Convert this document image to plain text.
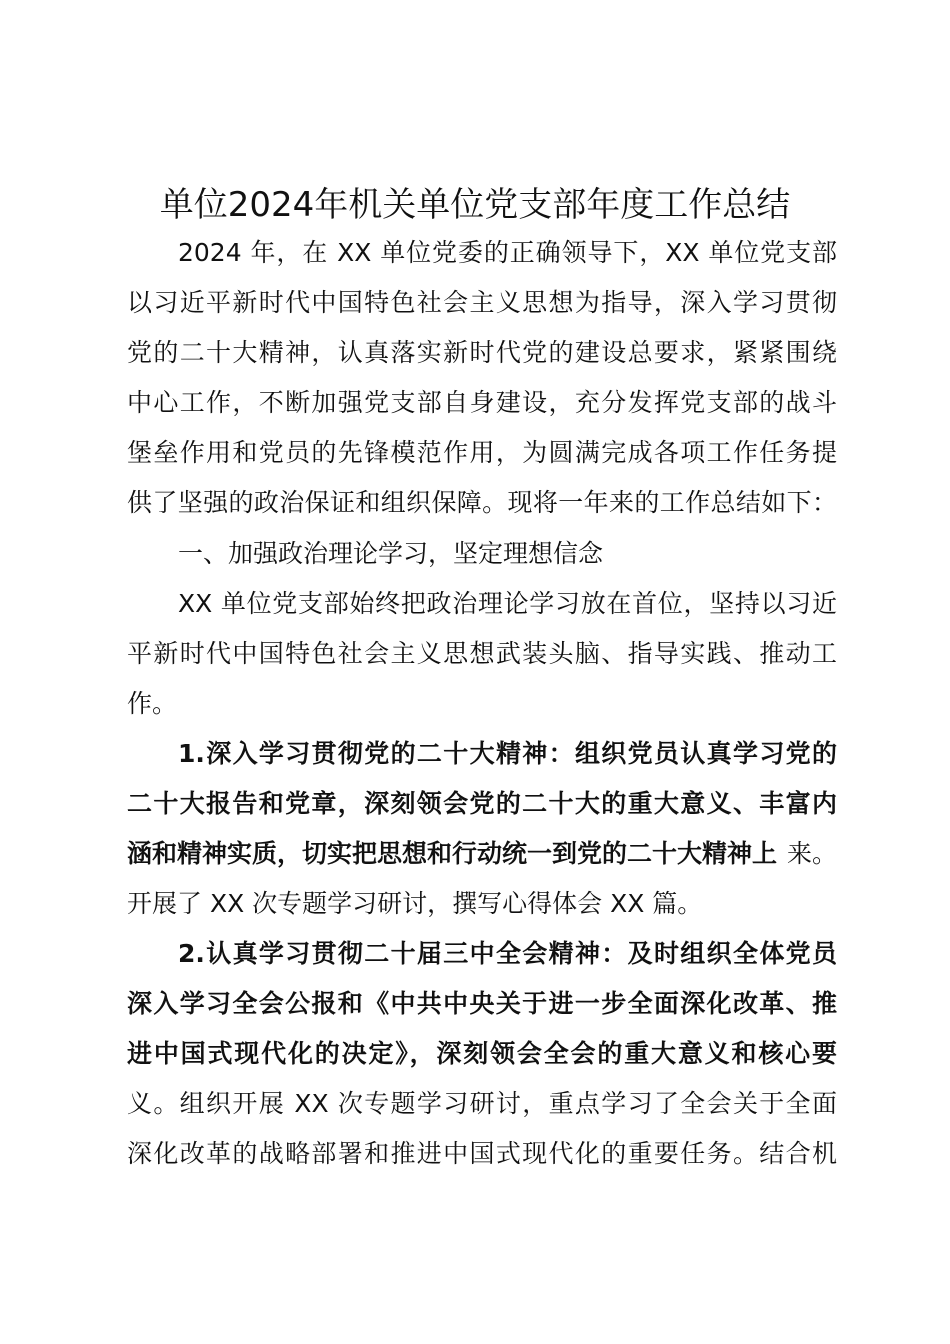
单位2024年机关单位党支部年度工作总结
2024 年，在 XX 单位党委的正确领导下，XX 单位党支部
以习近平新时代中国特色社会主义思想为指导，深入学习贯彻
党的二十大精神，认真落实新时代党的建设总要求，紧紧围绕
中心工作，不断加强党支部自身建设，充分发挥党支部的战斗
堡垒作用和党员的先锋模范作用，为圆满完成各项工作任务提
供了坚强的政治保证和组织保障。现将一年来的工作总结如下：
一、加强政治理论学习，坚定理想信念
XX 单位党支部始终把政治理论学习放在首位，坚持以习近
平新时代中国特色社会主义思想武装头脑、指导实践、推动工
作。
1.深入学习贯彻党的二十大精神：组织党员认真学习党的
二十大报告和党章，深刻领会党的二十大的重大意义、丰富内
涵和精神实质，切实把思想和行动统一到党的二十大精神上 来。
开展了 XX 次专题学习研讨，撰写心得体会 XX 篇。
2.认真学习贯彻二十届三中全会精神：及时组织全体党员
深入学习全会公报和《中共中央关于进一步全面深化改革、推
进中国式现代化的决定》，深刻领会全会的重大意义和核心要
义。组织开展 XX 次专题学习研讨，重点学习了全会关于全面
深化改革的战略部署和推进中国式现代化的重要任务。结合机
